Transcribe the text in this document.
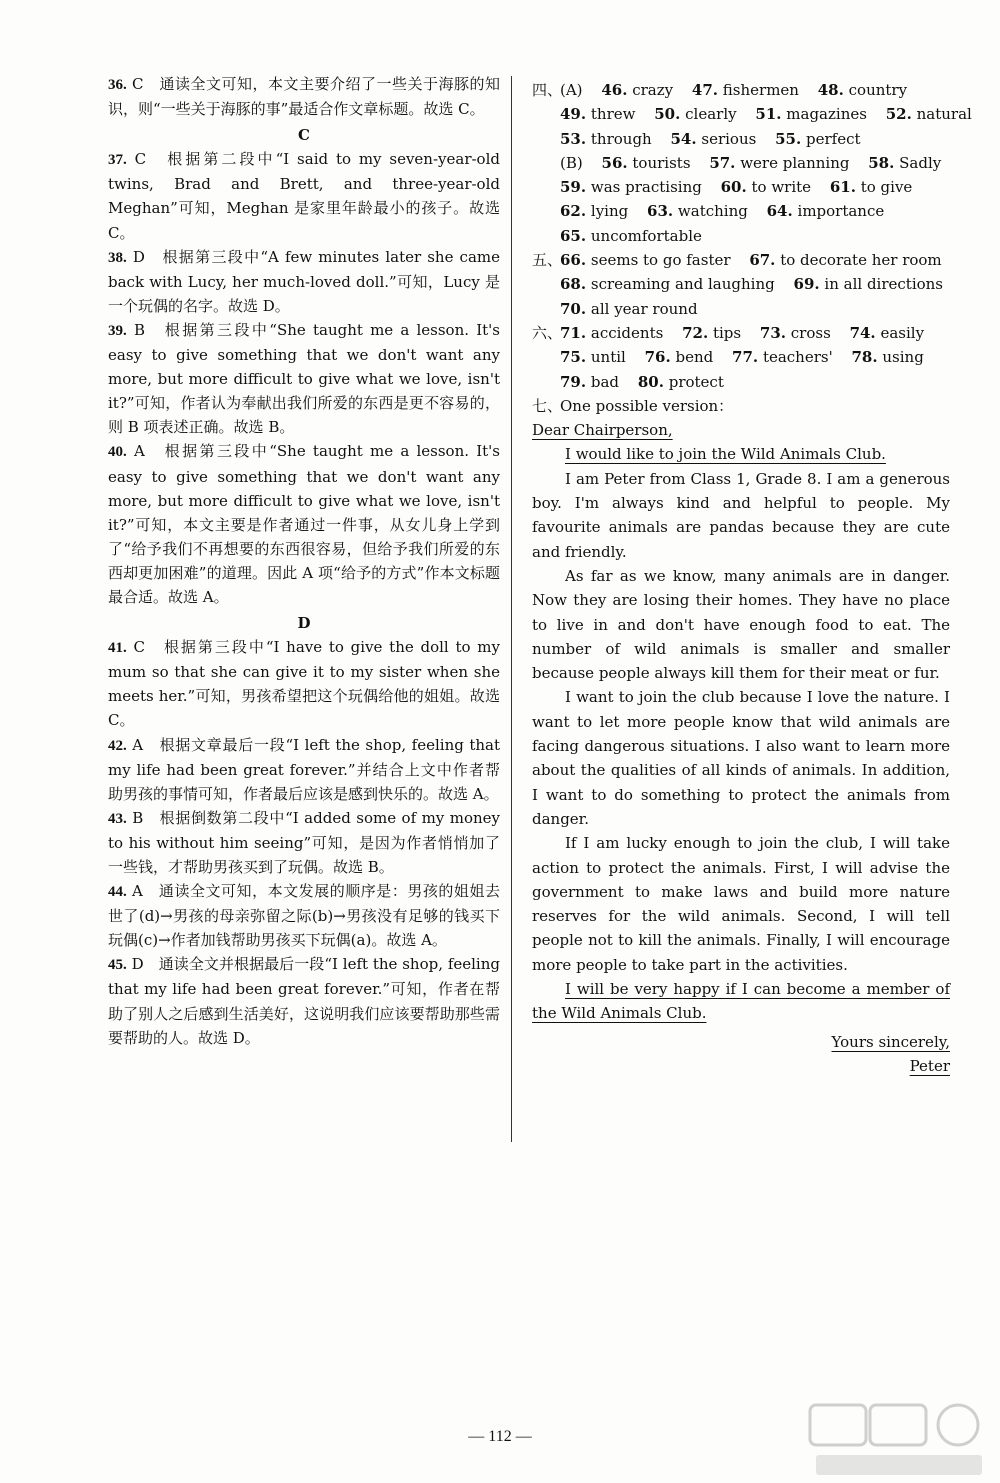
36. C　通读全文可知，本文主要介绍了一些关于海豚的知识，则“一些关于海豚的事”最适合作文章标题。故选 C。

C

37. C　根据第二段中“I said to my seven-year-old twins, Brad and Brett, and three-year-old Meghan”可知，Meghan 是家里年龄最小的孩子。故选 C。

38. D　根据第三段中“A few minutes later she came back with Lucy, her much-loved doll.”可知，Lucy 是一个玩偶的名字。故选 D。

39. B　根据第三段中“She taught me a lesson. It's easy to give something that we don't want any more, but more difficult to give what we love, isn't it?”可知，作者认为奉献出我们所爱的东西是更不容易的，则 B 项表述正确。故选 B。

40. A　根据第三段中“She taught me a lesson. It's easy to give something that we don't want any more, but more difficult to give what we love, isn't it?”可知，本文主要是作者通过一件事，从女儿身上学到了“给予我们不再想要的东西很容易，但给予我们所爱的东西却更加困难”的道理。因此 A 项“给予的方式”作本文标题最合适。故选 A。

D

41. C　根据第三段中“I have to give the doll to my mum so that she can give it to my sister when she meets her.”可知，男孩希望把这个玩偶给他的姐姐。故选 C。

42. A　根据文章最后一段“I left the shop, feeling that my life had been great forever.”并结合上文中作者帮助男孩的事情可知，作者最后应该是感到快乐的。故选 A。

43. B　根据倒数第二段中“I added some of my money to his without him seeing”可知，是因为作者悄悄加了一些钱，才帮助男孩买到了玩偶。故选 B。

44. A　通读全文可知，本文发展的顺序是：男孩的姐姐去世了(d)→男孩的母亲弥留之际(b)→男孩没有足够的钱买下玩偶(c)→作者加钱帮助男孩买下玩偶(a)。故选 A。

45. D　通读全文并根据最后一段“I left the shop, feeling that my life had been great forever.”可知，作者在帮助了别人之后感到生活美好，这说明我们应该要帮助那些需要帮助的人。故选 D。

四、
(A) 46. crazy 47. fishermen 48. country
49. threw 50. clearly 51. magazines 52. natural
53. through 54. serious 55. perfect
(B) 56. tourists 57. were planning 58. Sadly
59. was practising 60. to write 61. to give
62. lying 63. watching 64. importance
65. uncomfortable
五、
66. seems to go faster 67. to decorate her room
68. screaming and laughing 69. in all directions
70. all year round
六、
71. accidents 72. tips 73. cross 74. easily
75. until 76. bend 77. teachers' 78. using
79. bad 80. protect
七、
One possible version：
Dear Chairperson,

I would like to join the Wild Animals Club.

I am Peter from Class 1, Grade 8. I am a generous boy. I'm always kind and helpful to people. My favourite animals are pandas because they are cute and friendly.

As far as we know, many animals are in danger. Now they are losing their homes. They have no place to live in and don't have enough food to eat. The number of wild animals is smaller and smaller because people always kill them for their meat or fur.

I want to join the club because I love the nature. I want to let more people know that wild animals are facing dangerous situations. I also want to learn more about the qualities of all kinds of animals. In addition, I want to do something to protect the animals from danger.

If I am lucky enough to join the club, I will take action to protect the animals. First, I will advise the government to make laws and build more nature reserves for the wild animals. Second, I will tell people not to kill the animals. Finally, I will encourage more people to take part in the activities.

I will be very happy if I can become a member of the Wild Animals Club.

Yours sincerely,
Peter
— 112 —
